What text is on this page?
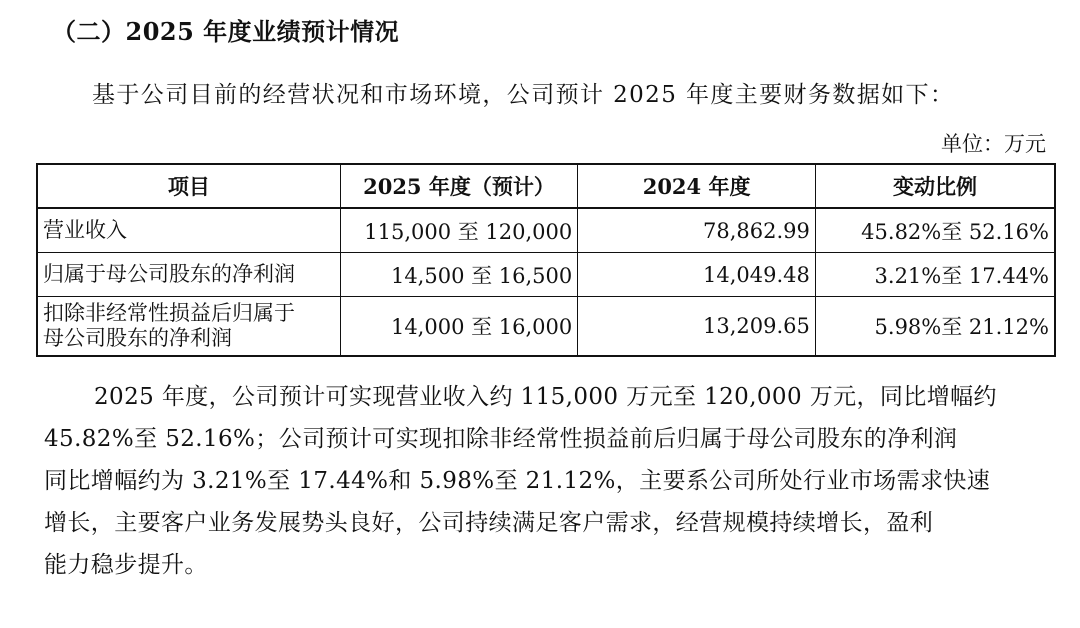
（二）2025 年度业绩预计情况
基于公司目前的经营状况和市场环境，公司预计 2025 年度主要财务数据如下：
单位：万元
项目	2025 年度（预计）	2024 年度	变动比例
营业收入	115,000 至 120,000	78,862.99	45.82%至 52.16%
归属于母公司股东的净利润	14,500 至 16,500	14,049.48	3.21%至 17.44%
扣除非经常性损益后归属于
母公司股东的净利润	14,000 至 16,000	13,209.65	5.98%至 21.12%
2025 年度，公司预计可实现营业收入约 115,000 万元至 120,000 万元，同比增幅约
45.82%至 52.16%；公司预计可实现扣除非经常性损益前后归属于母公司股东的净利润
同比增幅约为 3.21%至 17.44%和 5.98%至 21.12%，主要系公司所处行业市场需求快速
增长，主要客户业务发展势头良好，公司持续满足客户需求，经营规模持续增长，盈利
能力稳步提升。
